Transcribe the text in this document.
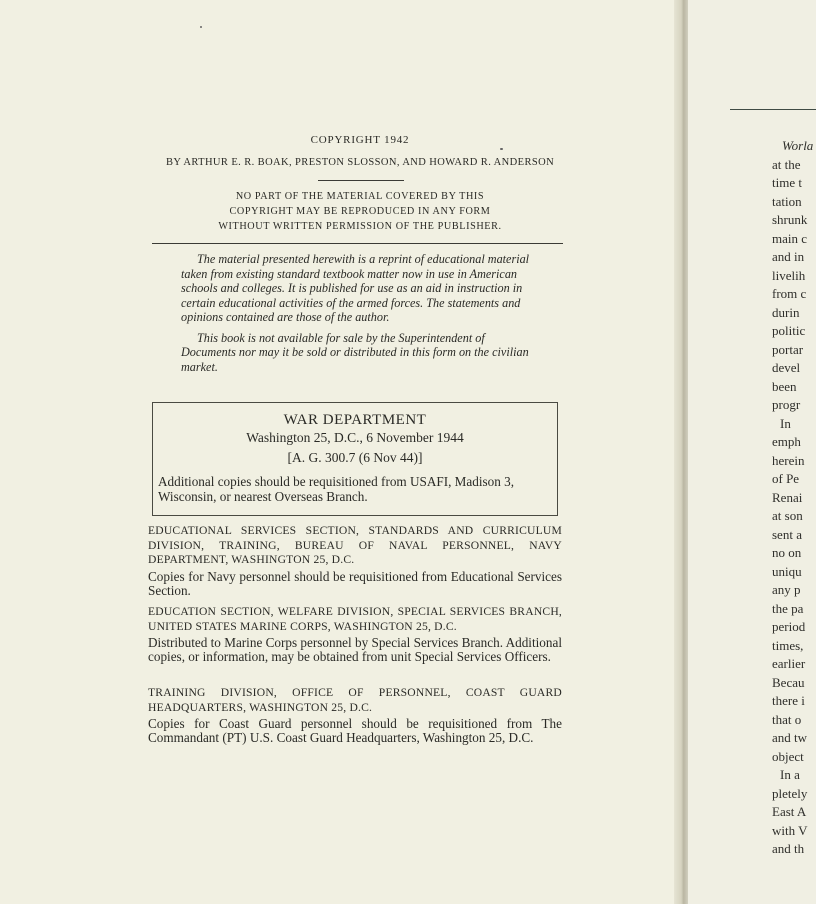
COPYRIGHT 1942
BY ARTHUR E. R. BOAK, PRESTON SLOSSON, AND HOWARD R. ANDERSON
NO PART OF THE MATERIAL COVERED BY THIS
COPYRIGHT MAY BE REPRODUCED IN ANY FORM
WITHOUT WRITTEN PERMISSION OF THE PUBLISHER.

The material presented herewith is a reprint of educational material taken from existing standard textbook matter now in use in American schools and colleges. It is published for use as an aid in instruction in certain educational activities of the armed forces. The statements and opinions contained are those of the author.

This book is not available for sale by the Superintendent of Documents nor may it be sold or distributed in this form on the civilian market.

WAR DEPARTMENT
Washington 25, D.C., 6 November 1944
[A. G. 300.7 (6 Nov 44)]
Additional copies should be requisitioned from USAFI, Madison 3, Wisconsin, or nearest Overseas Branch.
EDUCATIONAL SERVICES SECTION, STANDARDS AND CURRICULUM DIVISION, TRAINING, BUREAU OF NAVAL PERSONNEL, NAVY DEPARTMENT, WASHINGTON 25, D.C.
Copies for Navy personnel should be requisitioned from Educational Services Section.
EDUCATION SECTION, WELFARE DIVISION, SPECIAL SERVICES BRANCH, UNITED STATES MARINE CORPS, WASHINGTON 25, D.C.
Distributed to Marine Corps personnel by Special Services Branch. Additional copies, or information, may be obtained from unit Special Services Officers.
TRAINING DIVISION, OFFICE OF PERSONNEL, COAST GUARD HEADQUARTERS, WASHINGTON 25, D.C.
Copies for Coast Guard personnel should be requisitioned from The Commandant (PT) U.S. Coast Guard Headquarters, Washington 25, D.C.
Worla
at the
time t
tation
shrunk
main c
and in
livelih
from c
durin
politic
portar
devel
been
progr
In
emph
herein
of Pe
Renai
at son
sent a
no on
uniqu
any p
the pa
period
times,
earlier
Becau
there i
that o
and tw
object
In a
pletely
East A
with V
and th
